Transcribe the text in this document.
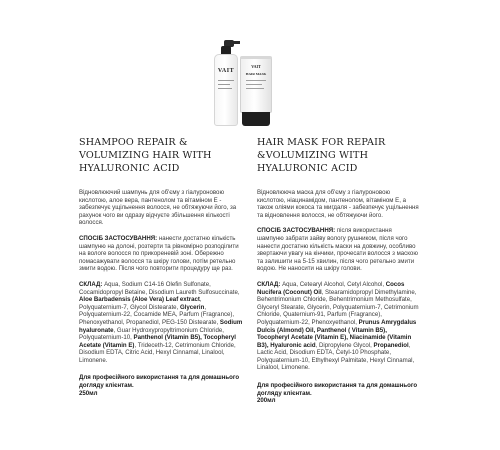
VAIT
VAIT
HAIR MASK
SHAMPOO REPAIR & VOLUMIZING HAIR WITH HYALURONIC ACID

Відновлюючий шампунь для об'єму з гіалуроновою кислотою, алое вера, пантенолом та вітаміном Е - забезпечує ущільнення волосся, не обтяжуючи його, за рахунок чого ви одразу відчуєте збільшення кількості волосся.

СПОСІБ ЗАСТОСУВАННЯ: нанести достатню кількість шампуню на долоні, розтерти та рівномірно розподілити на вологе волосся по прикореневій зоні. Обережно помасажувати волосся та шкіру голови, потім ретельно змити водою. Після чого повторити процедуру ще раз.

СКЛАД: Aqua, Sodium C14-16 Olefin Sulfonate, Cocamidopropyl Betaine, Disodium Laureth Sulfosuccinate, Aloe Barbadensis (Aloe Vera) Leaf extract, Polyquaternium-7, Glycol Distearate, Glycerin, Polyquaternium-22, Cocamide MEA, Parfum (Fragrance), Phenoxyethanol, Propanediol, PEG-150 Distearate, Sodium hyaluronate, Guar Hydroxypropyltrimonium Chloride, Polyquaternium-10, Panthenol (Vitamin B5), Tocopheryl Acetate (Vitamin E), Trideceth-12, Cetrimonium Chloride, Disodium EDTA, Citric Acid, Hexyl Cinnamal, Linalool, Limonene.

Для професійного використання та для домашнього догляду клієнтам.
250мл

HAIR MASK FOR REPAIR &VOLUMIZING WITH HYALURONIC ACID

Відновлююча маска для об'єму з гіалуроновою кислотою, ніацинамідом, пантенолом, вітаміном Е, а також оліями кокоса та мигдаля - забезпечує ущільнення та відновлення волосся, не обтяжуючи його.

СПОСІБ ЗАСТОСУВАННЯ: після використання шампуню забрати зайву вологу рушником, після чого нанести достатню кількість маски на довжину, особливо звертаючи увагу на кінчики, прочесати волосся з маскою та залишити на 5-15 хвилин, після чого ретельно змити водою. Не наносити на шкіру голови.

СКЛАД: Aqua, Cetearyl Alcohol, Cetyl Alcohol, Cocos Nucifera (Coconut) Oil, Stearamidopropyl Dimethylamine, Behentrimonium Chloride, Behentrimonium Methosulfate, Glyceryl Stearate, Glycerin, Polyquaternium-7, Cetrimonium Chloride, Quaternium-91, Parfum (Fragrance), Polyquaternium-22, Phenoxyethanol, Prunus Amrygdalus Dulcis (Almond) Oil, Panthenol ( Vitamin B5), Tocopheryl Acetate (Vitamin E), Niacinamide (Vitamin B3), Hyaluronic acid, Dipropylene Glycol, Propanediol, Lactic Acid, Disodium EDTA, Cetyl-10 Phosphate, Polyquaternium-10, Ethylhexyl Palmitate, Hexyl Cinnamal, Linalool, Limonene.

Для професійного використання та для домашнього догляду клієнтам.
200мл
